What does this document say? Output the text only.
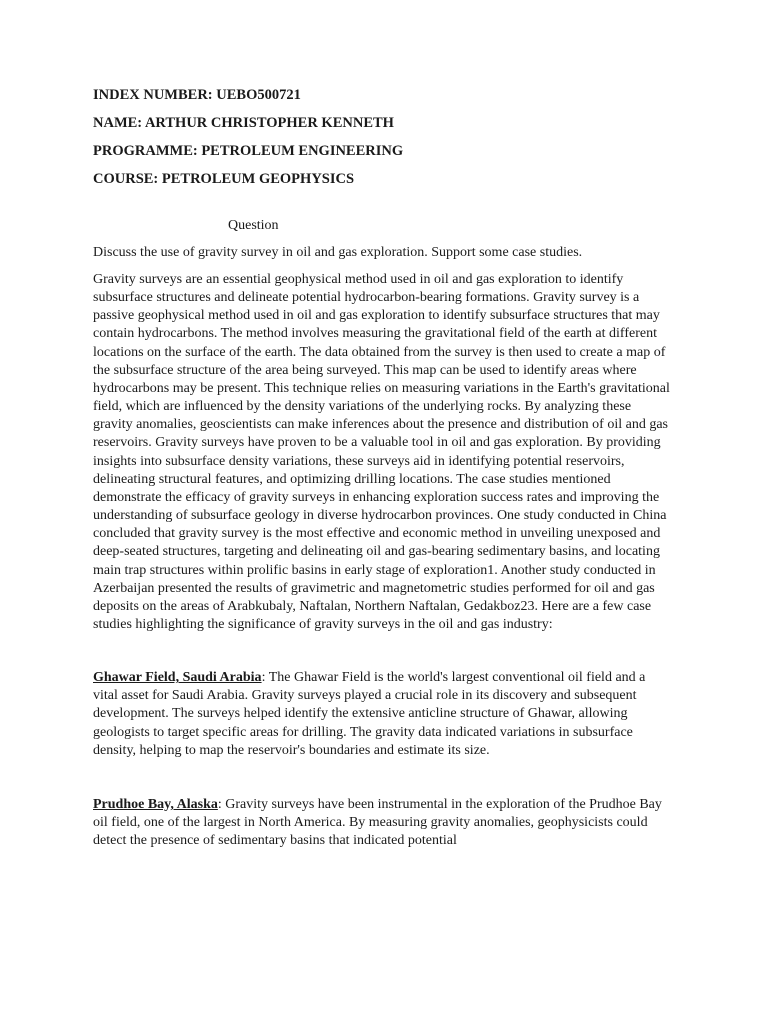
INDEX NUMBER: UEBO500721

NAME: ARTHUR CHRISTOPHER KENNETH

PROGRAMME: PETROLEUM ENGINEERING

COURSE: PETROLEUM GEOPHYSICS

Question

Discuss the use of gravity survey in oil and gas exploration. Support some case studies.

Gravity surveys are an essential geophysical method used in oil and gas exploration to identify subsurface structures and delineate potential hydrocarbon-bearing formations. Gravity survey is a passive geophysical method used in oil and gas exploration to identify subsurface structures that may contain hydrocarbons. The method involves measuring the gravitational field of the earth at different locations on the surface of the earth. The data obtained from the survey is then used to create a map of the subsurface structure of the area being surveyed. This map can be used to identify areas where hydrocarbons may be present. This technique relies on measuring variations in the Earth's gravitational field, which are influenced by the density variations of the underlying rocks. By analyzing these gravity anomalies, geoscientists can make inferences about the presence and distribution of oil and gas reservoirs. Gravity surveys have proven to be a valuable tool in oil and gas exploration. By providing insights into subsurface density variations, these surveys aid in identifying potential reservoirs, delineating structural features, and optimizing drilling locations. The case studies mentioned demonstrate the efficacy of gravity surveys in enhancing exploration success rates and improving the understanding of subsurface geology in diverse hydrocarbon provinces. One study conducted in China concluded that gravity survey is the most effective and economic method in unveiling unexposed and deep-seated structures, targeting and delineating oil and gas-bearing sedimentary basins, and locating main trap structures within prolific basins in early stage of exploration1. Another study conducted in Azerbaijan presented the results of gravimetric and magnetometric studies performed for oil and gas deposits on the areas of Arabkubaly, Naftalan, Northern Naftalan, Gedakboz23. Here are a few case studies highlighting the significance of gravity surveys in the oil and gas industry:

Ghawar Field, Saudi Arabia: The Ghawar Field is the world's largest conventional oil field and a vital asset for Saudi Arabia. Gravity surveys played a crucial role in its discovery and subsequent development. The surveys helped identify the extensive anticline structure of Ghawar, allowing geologists to target specific areas for drilling. The gravity data indicated variations in subsurface density, helping to map the reservoir's boundaries and estimate its size.

Prudhoe Bay, Alaska: Gravity surveys have been instrumental in the exploration of the Prudhoe Bay oil field, one of the largest in North America. By measuring gravity anomalies, geophysicists could detect the presence of sedimentary basins that indicated potential
